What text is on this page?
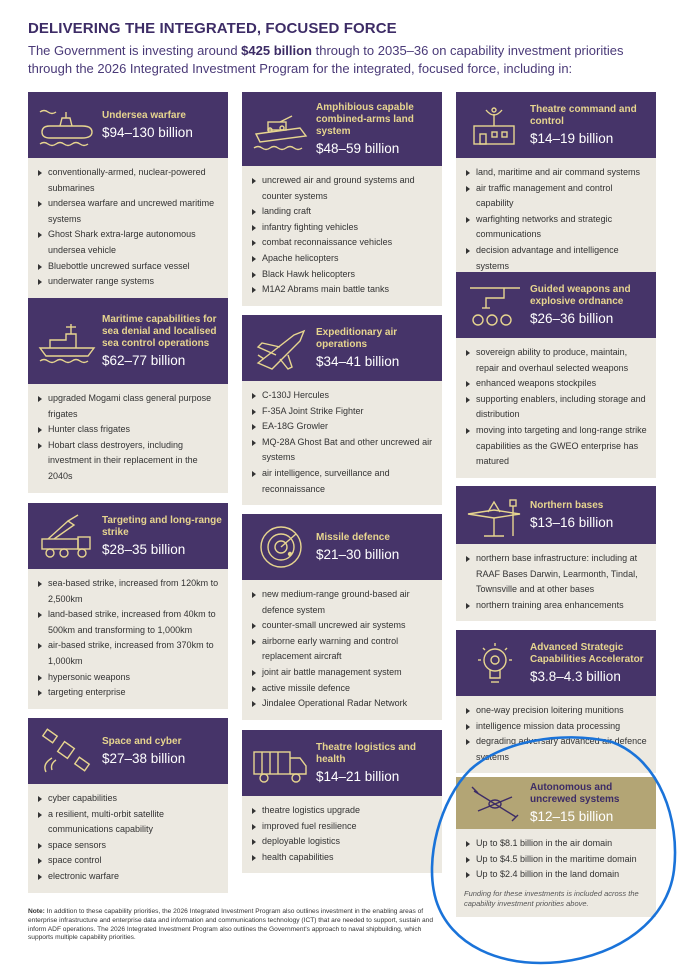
DELIVERING THE INTEGRATED, FOCUSED FORCE
The Government is investing around $425 billion through to 2035–36 on capability investment priorities through the 2026 Integrated Investment Program for the integrated, focused force, including in:
Undersea warfare
$94–130 billion
conventionally-armed, nuclear-powered submarines
undersea warfare and uncrewed maritime systems
Ghost Shark extra-large autonomous undersea vehicle
Bluebottle uncrewed surface vessel
underwater range systems
Maritime capabilities for sea denial and localised sea control operations
$62–77 billion
upgraded Mogami class general purpose frigates
Hunter class frigates
Hobart class destroyers, including investment in their replacement in the 2040s
Targeting and long-range strike
$28–35 billion
sea-based strike, increased from 120km to 2,500km
land-based strike, increased from 40km to 500km and transforming to 1,000km
air-based strike, increased from 370km to 1,000km
hypersonic weapons
targeting enterprise
Space and cyber
$27–38 billion
cyber capabilities
a resilient, multi-orbit satellite communications capability
space sensors
space control
electronic warfare
Amphibious capable combined-arms land system
$48–59 billion
uncrewed air and ground systems and counter systems
landing craft
infantry fighting vehicles
combat reconnaissance vehicles
Apache helicopters
Black Hawk helicopters
M1A2 Abrams main battle tanks
Expeditionary air operations
$34–41 billion
C-130J Hercules
F-35A Joint Strike Fighter
EA-18G Growler
MQ-28A Ghost Bat and other uncrewed air systems
air intelligence, surveillance and reconnaissance
Missile defence
$21–30 billion
new medium-range ground-based air defence system
counter-small uncrewed air systems
airborne early warning and control replacement aircraft
joint air battle management system
active missile defence
Jindalee Operational Radar Network
Theatre logistics and health
$14–21 billion
theatre logistics upgrade
improved fuel resilience
deployable logistics
health capabilities
Theatre command and control
$14–19 billion
land, maritime and air command systems
air traffic management and control capability
warfighting networks and strategic communications
decision advantage and intelligence systems
Guided weapons and explosive ordnance
$26–36 billion
sovereign ability to produce, maintain, repair and overhaul selected weapons
enhanced weapons stockpiles
supporting enablers, including storage and distribution
moving into targeting and long-range strike capabilities as the GWEO enterprise has matured
Northern bases
$13–16 billion
northern base infrastructure: including at RAAF Bases Darwin, Learmonth, Tindal, Townsville and at other bases
northern training area enhancements
Advanced Strategic Capabilities Accelerator
$3.8–4.3 billion
one-way precision loitering munitions
intelligence mission data processing
degrading adversary advanced air defence systems
Autonomous and uncrewed systems
$12–15 billion
Up to $8.1 billion in the air domain
Up to $4.5 billion in the maritime domain
Up to $2.4 billion in the land domain
Funding for these investments is included across the capability investment priorities above.
Note: In addition to these capability priorities, the 2026 Integrated Investment Program also outlines investment in the enabling areas of enterprise infrastructure and enterprise data and information and communications technology (ICT) that are needed to support, sustain and inform ADF operations. The 2026 Integrated Investment Program also outlines the Government's approach to naval shipbuilding, which supports multiple capability priorities.
